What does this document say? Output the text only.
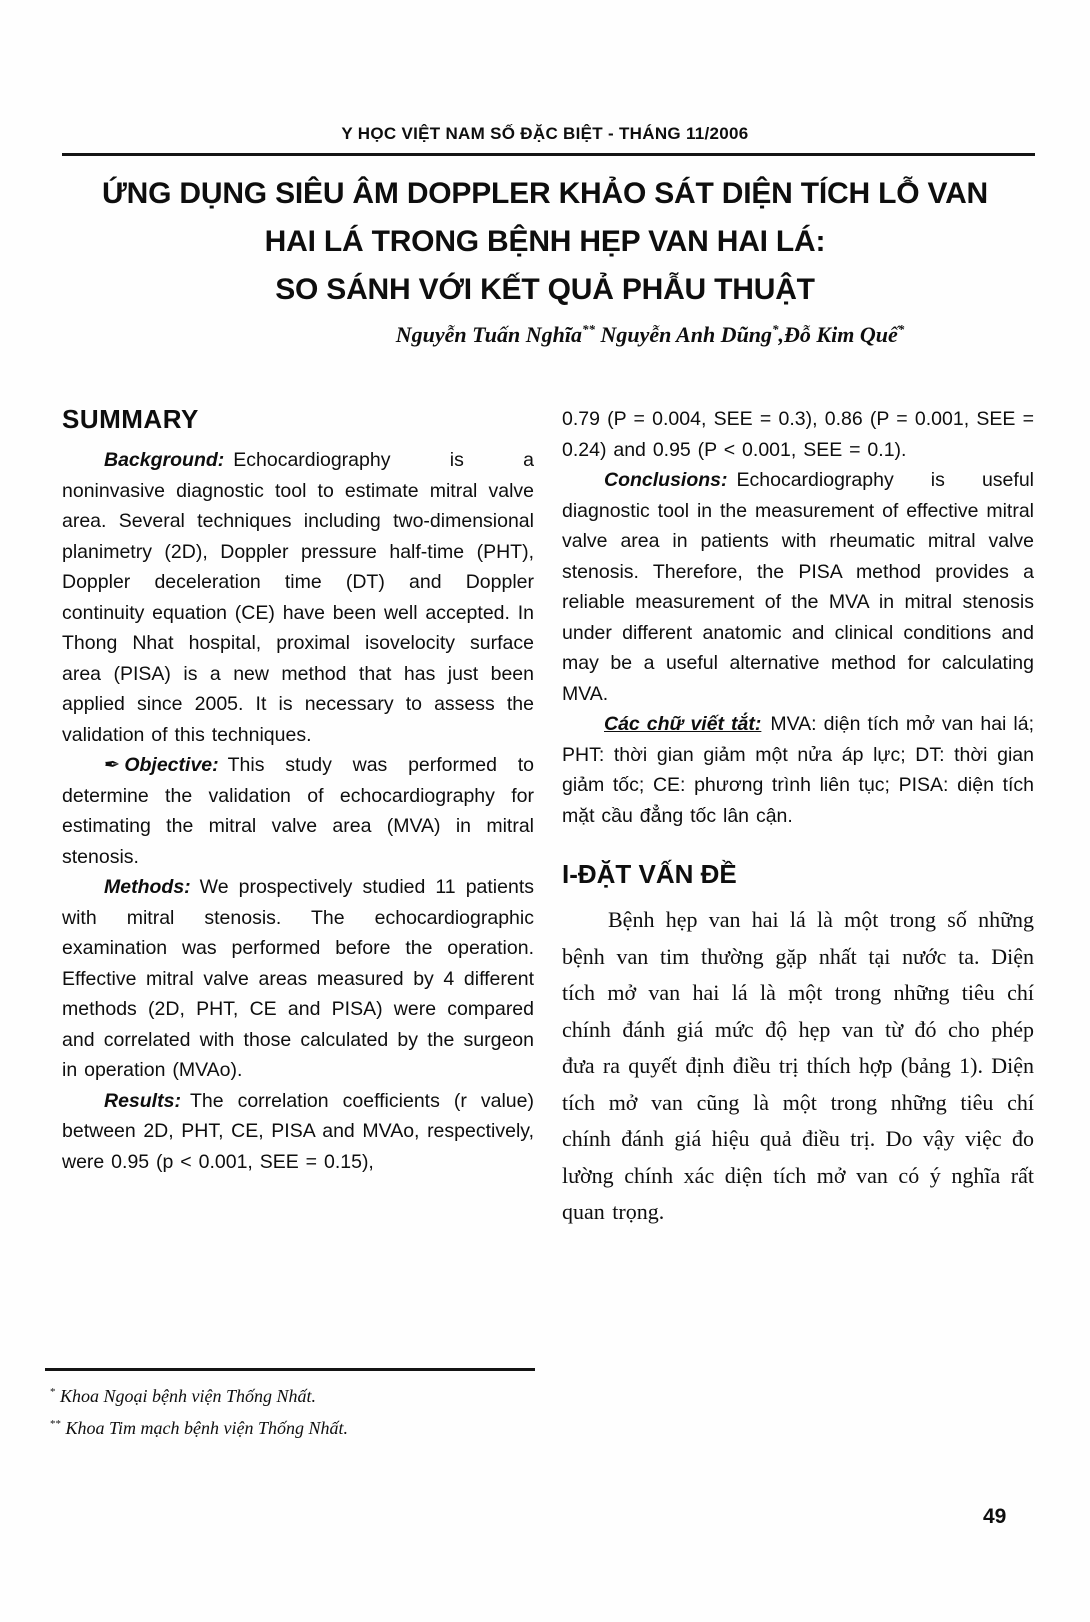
Y HỌC VIỆT NAM SỐ ĐẶC BIỆT - THÁNG 11/2006
ỨNG DỤNG SIÊU ÂM DOPPLER KHẢO SÁT DIỆN TÍCH LỖ VAN
HAI LÁ TRONG BỆNH HẸP VAN HAI LÁ:
SO SÁNH VỚI KẾT QUẢ PHẪU THUẬT
Nguyễn Tuấn Nghĩa** Nguyễn Anh Dũng*,Đỗ Kim Quế*
SUMMARY

Background: Echocardiography is a noninvasive diagnostic tool to estimate mitral valve area. Several techniques including two-dimensional planimetry (2D), Doppler pressure half-time (PHT), Doppler deceleration time (DT) and Doppler continuity equation (CE) have been well accepted. In Thong Nhat hospital, proximal isovelocity surface area (PISA) is a new method that has just been applied since 2005. It is necessary to assess the validation of this techniques.

✒ Objective: This study was performed to determine the validation of echocardiography for estimating the mitral valve area (MVA) in mitral stenosis.

Methods: We prospectively studied 11 patients with mitral stenosis. The echocardiographic examination was performed before the operation. Effective mitral valve areas measured by 4 different methods (2D, PHT, CE and PISA) were compared and correlated with those calculated by the surgeon in operation (MVAo).

Results: The correlation coefficients (r value) between 2D, PHT, CE, PISA and MVAo, respectively, were 0.95 (p < 0.001, SEE = 0.15),

0.79 (P = 0.004, SEE = 0.3), 0.86 (P = 0.001, SEE = 0.24) and 0.95 (P < 0.001, SEE = 0.1).

Conclusions: Echocardiography is useful diagnostic tool in the measurement of effective mitral valve area in patients with rheumatic mitral valve stenosis. Therefore, the PISA method provides a reliable measurement of the MVA in mitral stenosis under different anatomic and clinical conditions and may be a useful alternative method for calculating MVA.

Các chữ viết tắt: MVA: diện tích mở van hai lá; PHT: thời gian giảm một nửa áp lực; DT: thời gian giảm tốc; CE: phương trình liên tục; PISA: diện tích mặt cầu đẳng tốc lân cận.

I-ĐẶT VẤN ĐỀ

Bệnh hẹp van hai lá là một trong số những bệnh van tim thường gặp nhất tại nước ta. Diện tích mở van hai lá là một trong những tiêu chí chính đánh giá mức độ hẹp van từ đó cho phép đưa ra quyết định điều trị thích hợp (bảng 1). Diện tích mở van cũng là một trong những tiêu chí chính đánh giá hiệu quả điều trị. Do vậy việc đo lường chính xác diện tích mở van có ý nghĩa rất quan trọng.

* Khoa Ngoại bệnh viện Thống Nhất.
** Khoa Tim mạch bệnh viện Thống Nhất.
49
